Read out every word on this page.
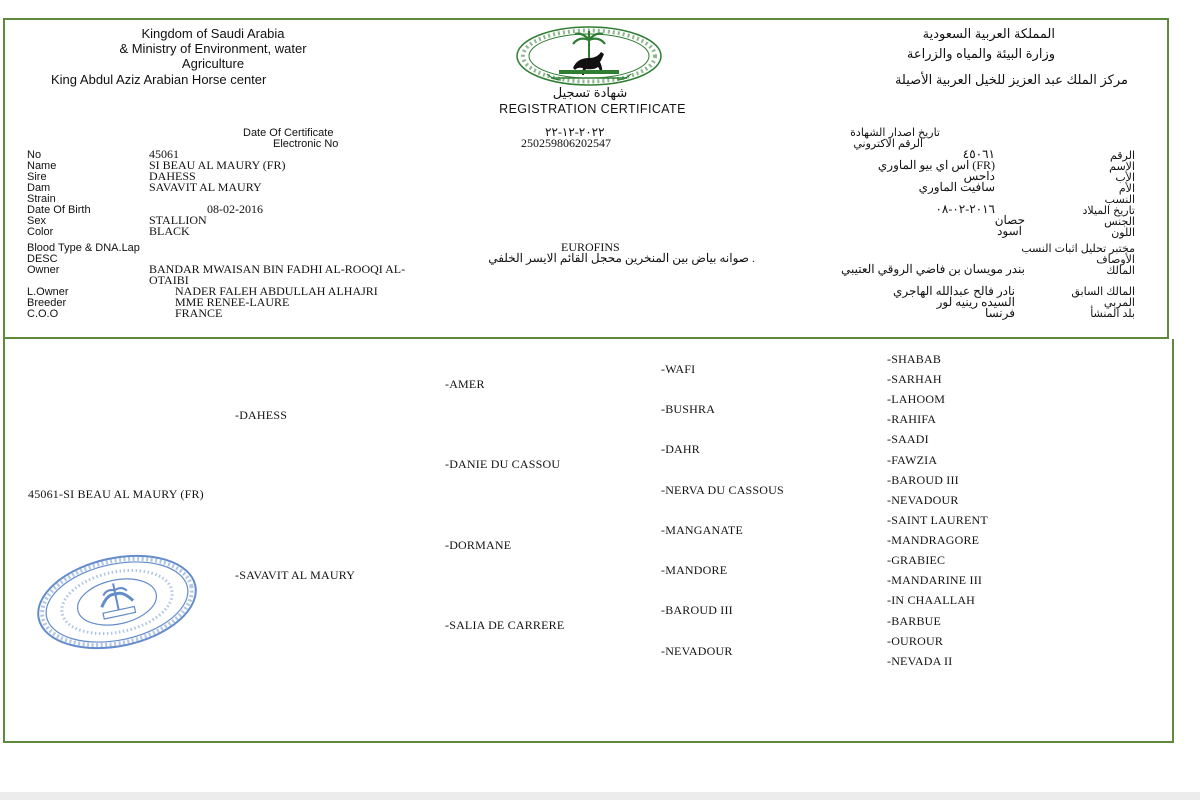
Kingdom of Saudi Arabia
& Ministry of Environment, water
Agriculture
King Abdul Aziz Arabian Horse center
المملكة العربية السعودية
وزارة البيئة والمياه والزراعة
مركز الملك عبد العزيز للخيل العربية الأصيلة
شهادة تسجيل
REGISTRATION CERTIFICATE
Date Of Certificate	٢٠٢٢-١٢-٢٢	تاريخ اصدار الشهادة
Electronic No	250259806202547	الرقم الاكتروني
No	45061	٤٥٠٦١	الرقم
Name	SI BEAU AL MAURY (FR)	(FR) اس اي بيو الماوري	الاسم
Sire	DAHESS	داحس	الأب
Dam	SAVAVIT AL MAURY	سافيت الماوري	الأم
Strain	النسب
Date Of Birth	08-02-2016	٢٠١٦-٠٢-٠٨	تاريخ الميلاد
Sex	STALLION	حصان	الجنس
Color	BLACK	اسود	اللون
Blood Type & DNA.Lap	EUROFINS	مختبر تحليل اثبات النسب
DESC	. صوانه بياض بين المنخرين محجل القائم الايسر الخلفي	الأوصاف
Owner	BANDAR MWAISAN BIN FADHI AL-ROOQI AL-
OTAIBI
بندر مويسان بن فاضي الروقي العتيبي	المالك
L.Owner	NADER FALEH ABDULLAH ALHAJRI	نادر فالح عبدالله الهاجري	المالك السابق
Breeder	MME RENEE-LAURE	السيده رينيه لور	المربي
C.O.O	FRANCE	فرنسا	بلد المنشأ
45061-SI BEAU AL MAURY (FR)
-DAHESS
-SAVAVIT AL MAURY
-AMER
-DANIE DU CASSOU
-DORMANE
-SALIA DE CARRERE
-WAFI
-BUSHRA
-DAHR
-NERVA DU CASSOUS
-MANGANATE
-MANDORE
-BAROUD III
-NEVADOUR
-SHABAB
-SARHAH
-LAHOOM
-RAHIFA
-SAADI
-FAWZIA
-BAROUD III
-NEVADOUR
-SAINT LAURENT
-MANDRAGORE
-GRABIEC
-MANDARINE III
-IN CHAALLAH
-BARBUE
-OUROUR
-NEVADA II
